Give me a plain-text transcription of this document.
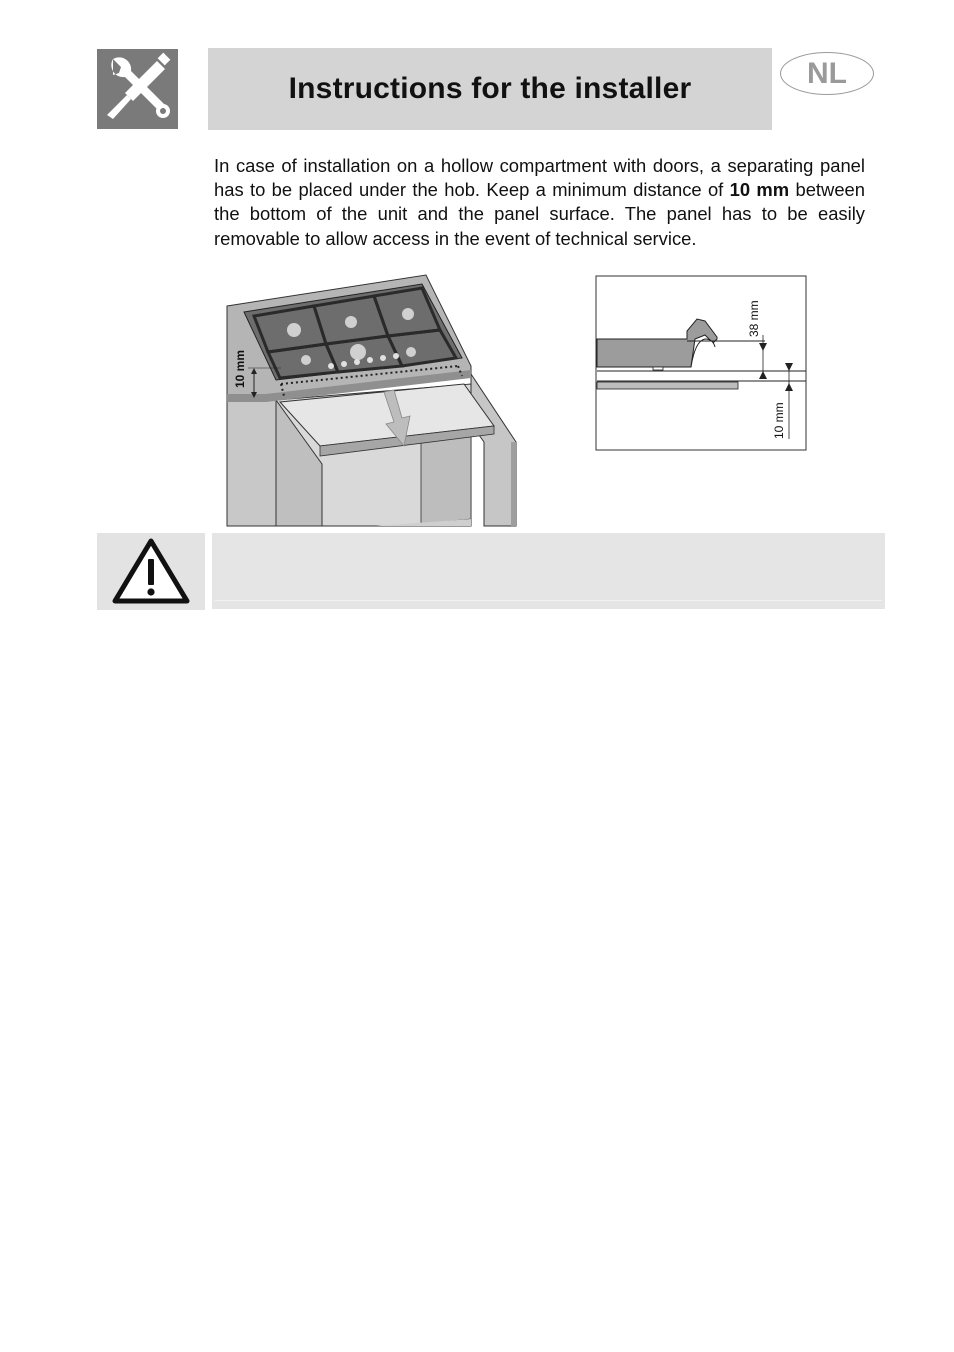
Instructions for the installer	NL

In case of installation on a hollow compartment with doors, a separating panel has to be placed under the hob. Keep a minimum distance of 10 mm between the bottom of the unit and the panel surface. The panel has to be easily removable to allow access in the event of technical service.

10 mm
38 mm
10 mm
